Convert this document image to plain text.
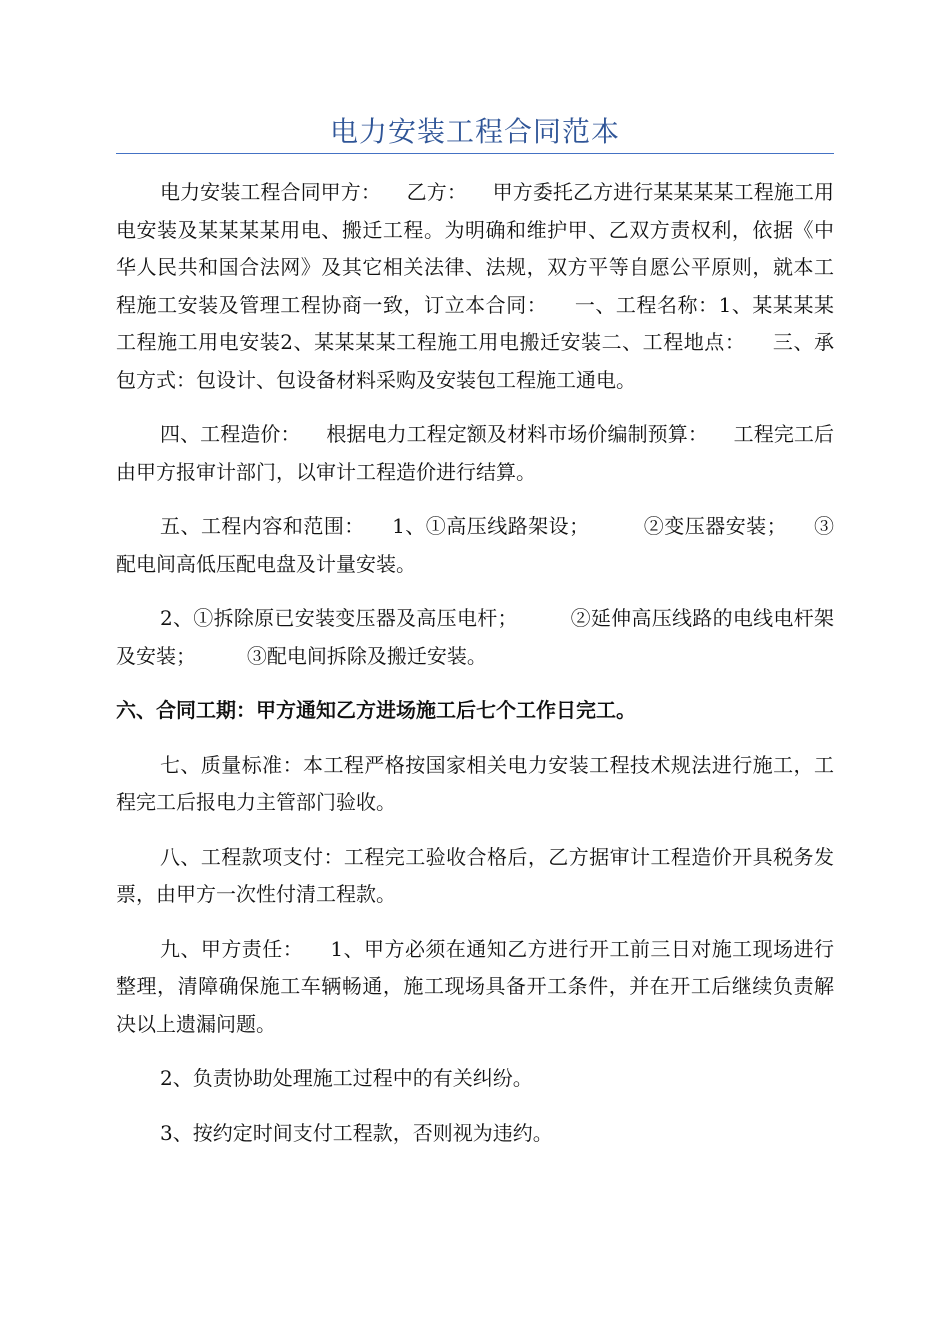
电力安装工程合同范本

电力安装工程合同甲方：    乙方：    甲方委托乙方进行某某某某工程施工用电安装及某某某某用电、搬迁工程。为明确和维护甲、乙双方责权利，依据《中华人民共和国合法网》及其它相关法律、法规，双方平等自愿公平原则，就本工程施工安装及管理工程协商一致，订立本合同：    一、工程名称：1、某某某某工程施工用电安装2、某某某某工程施工用电搬迁安装二、工程地点：    三、承包方式：包设计、包设备材料采购及安装包工程施工通电。

四、工程造价：    根据电力工程定额及材料市场价编制预算：    工程完工后由甲方报审计部门，以审计工程造价进行结算。

五、工程内容和范围：    1、①高压线路架设；        ②变压器安装；    ③配电间高低压配电盘及计量安装。

2、①拆除原已安装变压器及高压电杆；        ②延伸高压线路的电线电杆架及安装；        ③配电间拆除及搬迁安装。

六、合同工期：甲方通知乙方进场施工后七个工作日完工。

七、质量标准：本工程严格按国家相关电力安装工程技术规法进行施工，工程完工后报电力主管部门验收。

八、工程款项支付：工程完工验收合格后，乙方据审计工程造价开具税务发票，由甲方一次性付清工程款。

九、甲方责任：    1、甲方必须在通知乙方进行开工前三日对施工现场进行整理，清障确保施工车辆畅通，施工现场具备开工条件，并在开工后继续负责解决以上遗漏问题。

2、负责协助处理施工过程中的有关纠纷。

3、按约定时间支付工程款，否则视为违约。
